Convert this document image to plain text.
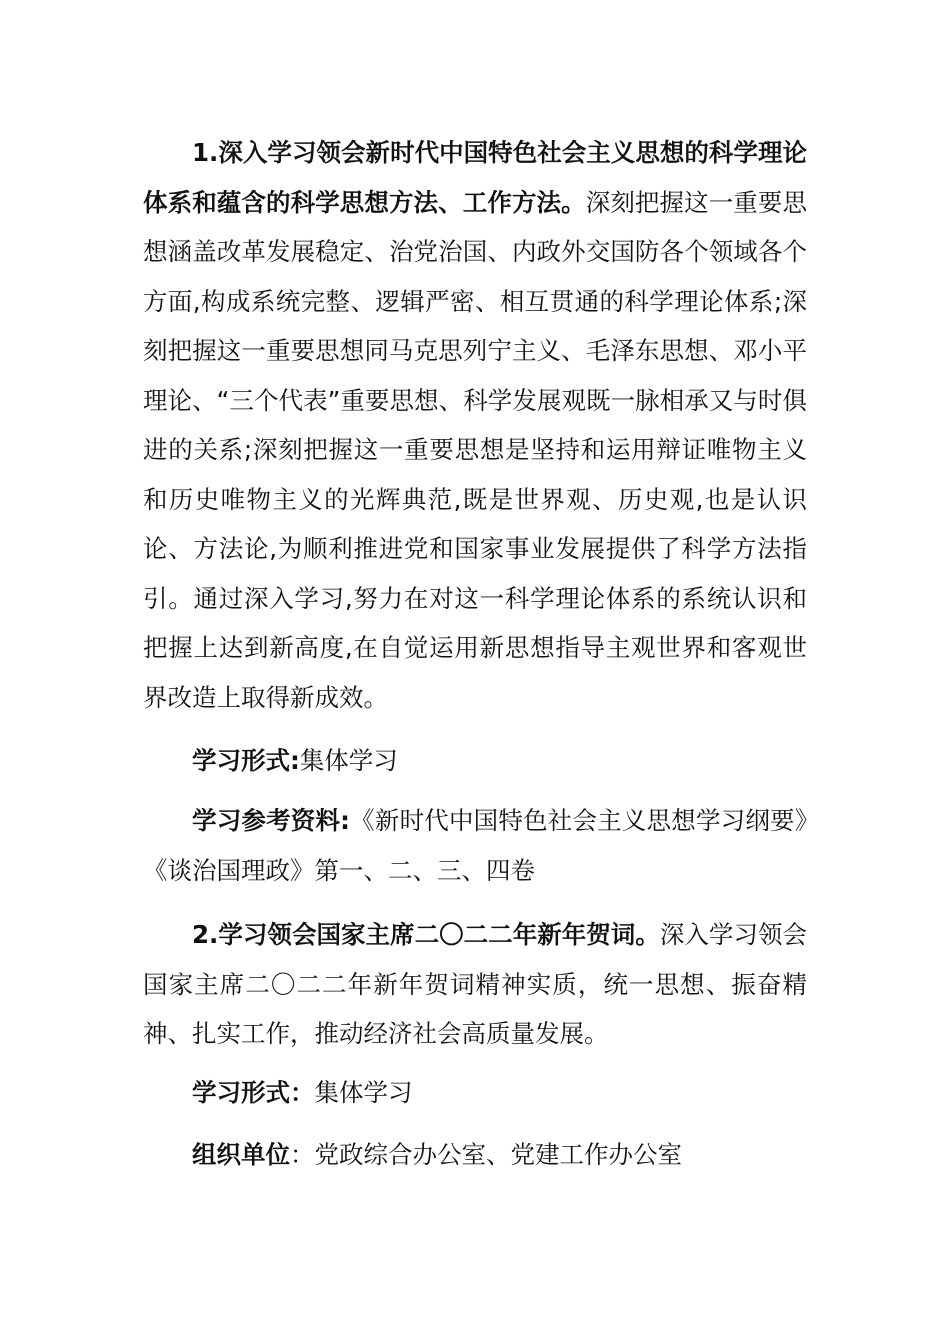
1.深入学习领会新时代中国特色社会主义思想的科学理论体系和蕴含的科学思想方法、工作方法。深刻把握这一重要思想涵盖改革发展稳定、治党治国、内政外交国防各个领域各个方面,构成系统完整、逻辑严密、相互贯通的科学理论体系;深刻把握这一重要思想同马克思列宁主义、毛泽东思想、邓小平理论、“三个代表”重要思想、科学发展观既一脉相承又与时俱进的关系;深刻把握这一重要思想是坚持和运用辩证唯物主义和历史唯物主义的光辉典范,既是世界观、历史观,也是认识论、方法论,为顺利推进党和国家事业发展提供了科学方法指引。通过深入学习,努力在对这一科学理论体系的系统认识和把握上达到新高度,在自觉运用新思想指导主观世界和客观世界改造上取得新成效。

学习形式:集体学习

学习参考资料:《新时代中国特色社会主义思想学习纲要》《谈治国理政》第一、二、三、四卷

2.学习领会国家主席二〇二二年新年贺词。深入学习领会国家主席二〇二二年新年贺词精神实质，统一思想、振奋精神、扎实工作，推动经济社会高质量发展。

学习形式：集体学习

组织单位：党政综合办公室、党建工作办公室
